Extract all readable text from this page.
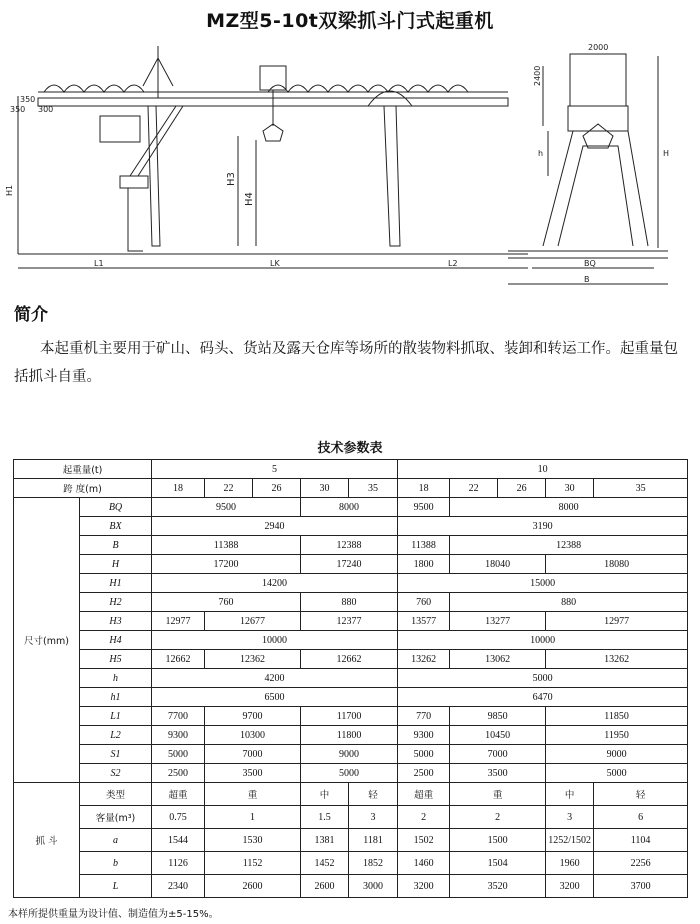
MZ型5-10t双梁抓斗门式起重机
350
350 300
H1
H3
H4
L1	LK	L2
2000
2400
h	H
BQ
B
简介
本起重机主要用于矿山、码头、货站及露天仓库等场所的散装物料抓取、装卸和转运工作。起重量包括抓斗自重。
技术参数表
起重量(t)		5					10				
跨 度(m)		18	22	26	30	35	18	22	26	30	35
尺寸(mm)	BQ	9500			8000		9500	8000			
	BX	2940					3190				
	B	11388			12388		11388	12388			
	H	17200			17240		1800	18040		18080	
	H1	14200					15000				
	H2	760			880		760	880			
	H3	12977	12677		12377		13577	13277		12977	
	H4	10000					10000				
	H5	12662	12362		12662		13262	13062		13262	
	h	4200					5000				
	h1	6500					6470				
	L1	7700	9700		11700		770	9850		11850	
	L2	9300	10300		11800		9300	10450		11950	
	S1	5000	7000		9000		5000	7000		9000	
	S2	2500	3500		5000		2500	3500		5000	
抓 斗	类型	超重	重		中	轻	超重	重		中	轻
	客量(m³)	0.75	1		1.5	3	2	2		3	6
	a	1544	1530		1381	1181	1502	1500		1252/1502	1104
	b	1126	1152		1452	1852	1460	1504		1960	2256
	L	2340	2600		2600	3000	3200	3520		3200	3700
本样所提供重量为设计值、制造值为±5-15%。
